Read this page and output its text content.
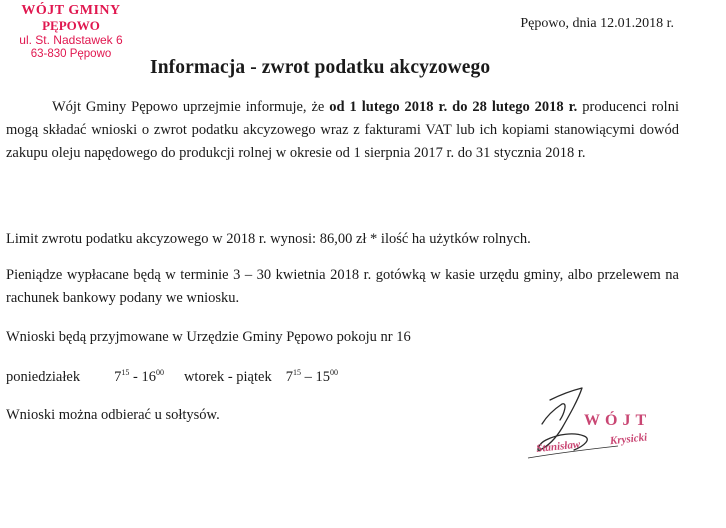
WÓJT GMINY
PĘPOWO
ul. St. Nadstawek 6
63-830 Pępowo
Pępowo, dnia 12.01.2018 r.
Informacja - zwrot podatku akcyzowego
Wójt Gminy Pępowo uprzejmie informuje, że od 1 lutego 2018 r. do 28 lutego 2018 r. producenci rolni mogą składać wnioski o zwrot podatku akcyzowego wraz z fakturami VAT lub ich kopiami stanowiącymi dowód zakupu oleju napędowego do produkcji rolnej w okresie od 1 sierpnia 2017 r. do 31 stycznia 2018 r.
Limit zwrotu podatku akcyzowego w 2018 r. wynosi: 86,00 zł * ilość ha użytków rolnych.
Pieniądze wypłacane będą w terminie 3 – 30 kwietnia 2018 r. gotówką w kasie urzędu gminy, albo przelewem na rachunek bankowy podany we wniosku.
Wnioski będą przyjmowane w Urzędzie Gminy Pępowo pokoju nr 16
poniedziałek $7^{15} - 16^{00}$ wtorek - piątek $7^{15} - 15^{00}$
Wnioski można odbierać u sołtysów.	WÓJT
Stanisław	Krysicki
